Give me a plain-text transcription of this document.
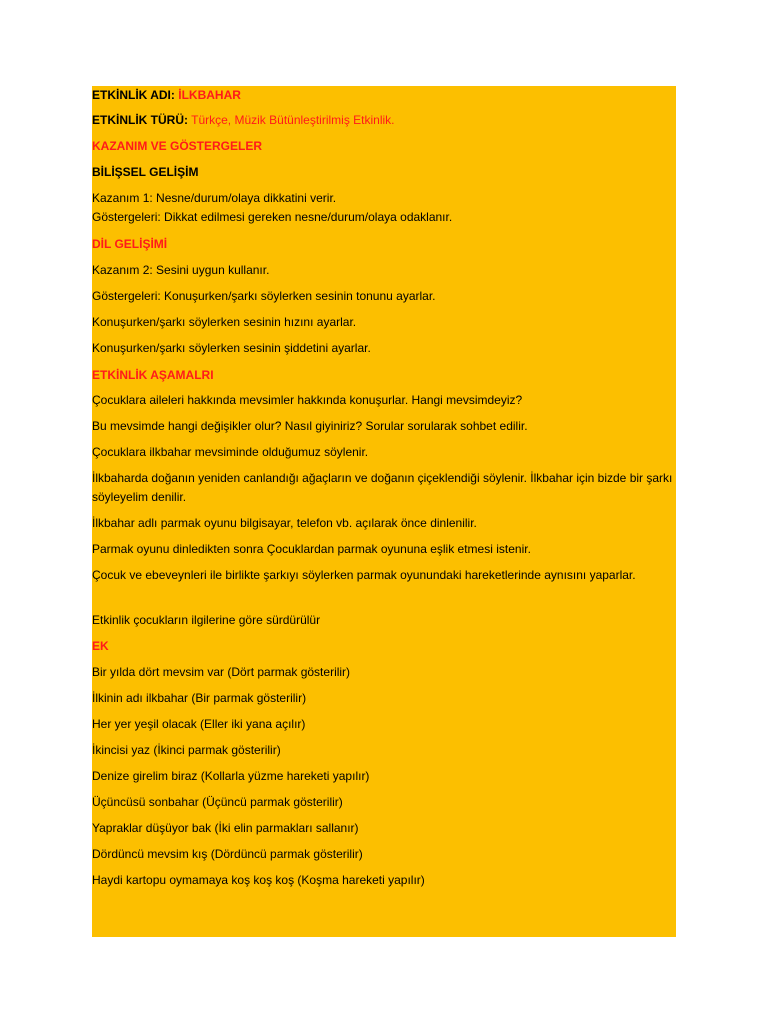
ETKİNLİK ADI: İLKBAHAR
ETKİNLİK TÜRÜ: Türkçe, Müzik Bütünleştirilmiş Etkinlik.
KAZANIM VE GÖSTERGELER
BİLİŞSEL GELİŞİM
Kazanım 1: Nesne/durum/olaya dikkatini verir.
Göstergeleri: Dikkat edilmesi gereken nesne/durum/olaya odaklanır.
DİL GELİŞİMİ
Kazanım 2: Sesini uygun kullanır.
Göstergeleri: Konuşurken/şarkı söylerken sesinin tonunu ayarlar.
Konuşurken/şarkı söylerken sesinin hızını ayarlar.
Konuşurken/şarkı söylerken sesinin şiddetini ayarlar.
ETKİNLİK AŞAMALRI
Çocuklara aileleri hakkında mevsimler hakkında konuşurlar. Hangi mevsimdeyiz?
Bu mevsimde hangi değişikler olur? Nasıl giyiniriz? Sorular sorularak sohbet edilir.
Çocuklara ilkbahar mevsiminde olduğumuz söylenir.
İlkbaharda doğanın yeniden canlandığı ağaçların ve doğanın çiçeklendiği söylenir. İlkbahar için bizde bir şarkı söyleyelim denilir.
İlkbahar adlı parmak oyunu bilgisayar, telefon vb. açılarak önce dinlenilir.
Parmak oyunu dinledikten sonra Çocuklardan parmak oyununa eşlik etmesi istenir.
Çocuk ve ebeveynleri ile birlikte şarkıyı söylerken parmak oyunundaki hareketlerinde aynısını yaparlar.
Etkinlik çocukların ilgilerine göre sürdürülür
EK
Bir yılda dört mevsim var (Dört parmak gösterilir)
İlkinin adı ilkbahar (Bir parmak gösterilir)
Her yer yeşil olacak (Eller iki yana açılır)
İkincisi yaz (İkinci parmak gösterilir)
Denize girelim biraz (Kollarla yüzme hareketi yapılır)
Üçüncüsü sonbahar (Üçüncü parmak gösterilir)
Yapraklar düşüyor bak (İki elin parmakları sallanır)
Dördüncü mevsim kış (Dördüncü parmak gösterilir)
Haydi kartopu oymamaya koş koş koş (Koşma hareketi yapılır)
